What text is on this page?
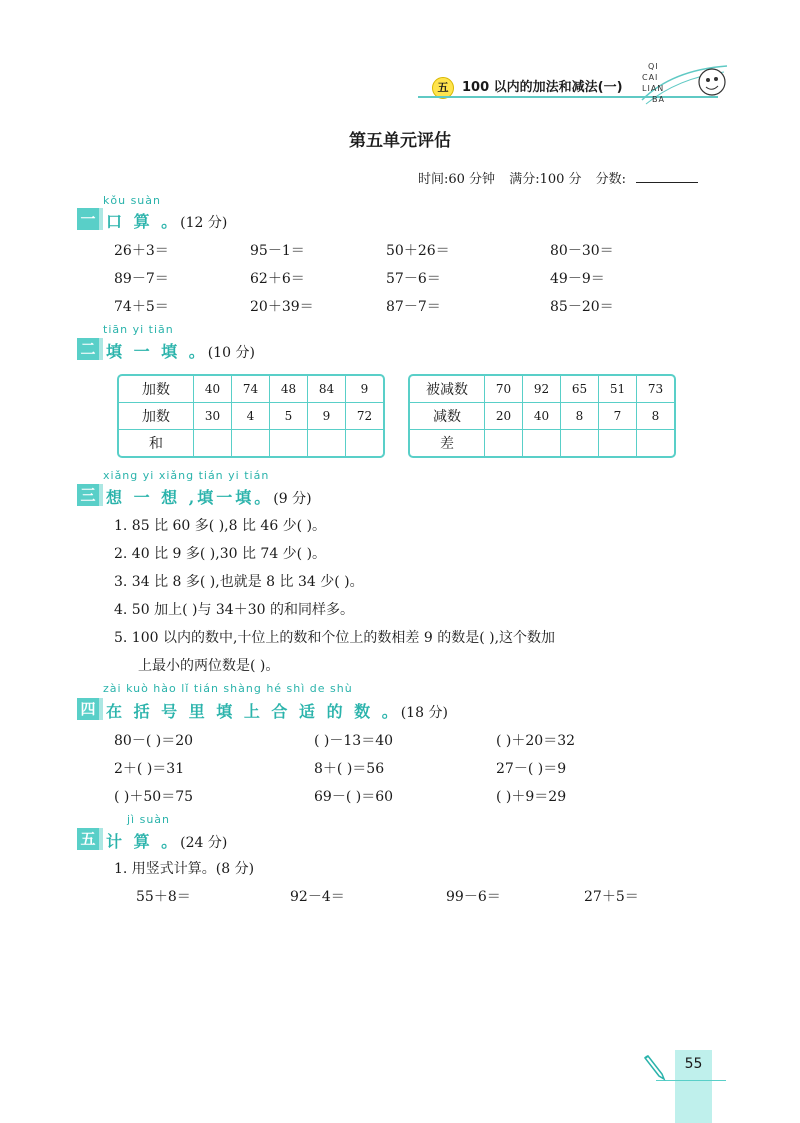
五	100 以内的加法和减法(一)
QI
CAI
LIAN
BA
第五单元评估
时间:60 分钟 满分:100 分 分数:
kǒu suàn
一 口 算 。(12 分)
26＋3＝	95－1＝	50＋26＝	80－30＝
89－7＝	62＋6＝	57－6＝	49－9＝
74＋5＝	20＋39＝	87－7＝	85－20＝
tiān yi tiān
二 填 一 填 。(10 分)
加数	40	74	48	84	9
加数	30	4	5	9	72
和					
被减数	70	92	65	51	73
减数	20	40	8	7	8
差					
xiǎng yi xiǎng tián yi tián
三 想 一 想 ,填一填。(9 分)
1. 85 比 60 多( ),8 比 46 少( )。
2. 40 比 9 多( ),30 比 74 少( )。
3. 34 比 8 多( ),也就是 8 比 34 少( )。
4. 50 加上( )与 34＋30 的和同样多。
5. 100 以内的数中,十位上的数和个位上的数相差 9 的数是( ),这个数加
上最小的两位数是( )。
zài kuò hào lǐ tián shàng hé shì de shù
四 在 括 号 里 填 上 合 适 的 数 。(18 分)
80－( )＝20	( )－13＝40	( )＋20＝32
2＋( )＝31	8＋( )＝56	27－( )＝9
( )＋50＝75	69－( )＝60	( )＋9＝29
jì suàn
五 计 算 。(24 分)
1. 用竖式计算。(8 分)
55＋8＝	92－4＝	99－6＝	27＋5＝
55
